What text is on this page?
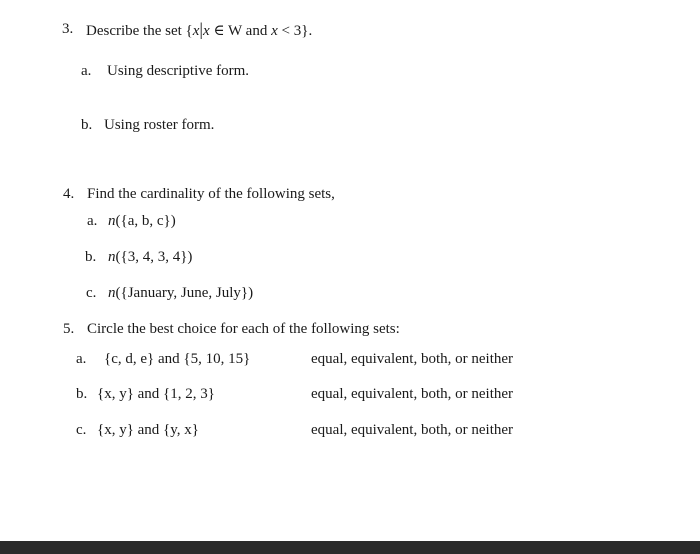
3. Describe the set {x|x ∈ W and x < 3}.
a. Using descriptive form.
b. Using roster form.
4. Find the cardinality of the following sets,
a. n({a, b, c})
b. n({3, 4, 3, 4})
c. n({January, June, July})
5. Circle the best choice for each of the following sets:
a. {c, d, e} and {5, 10, 15}	equal, equivalent, both, or neither
b. {x, y} and {1, 2, 3}	equal, equivalent, both, or neither
c. {x, y} and {y, x}	equal, equivalent, both, or neither
